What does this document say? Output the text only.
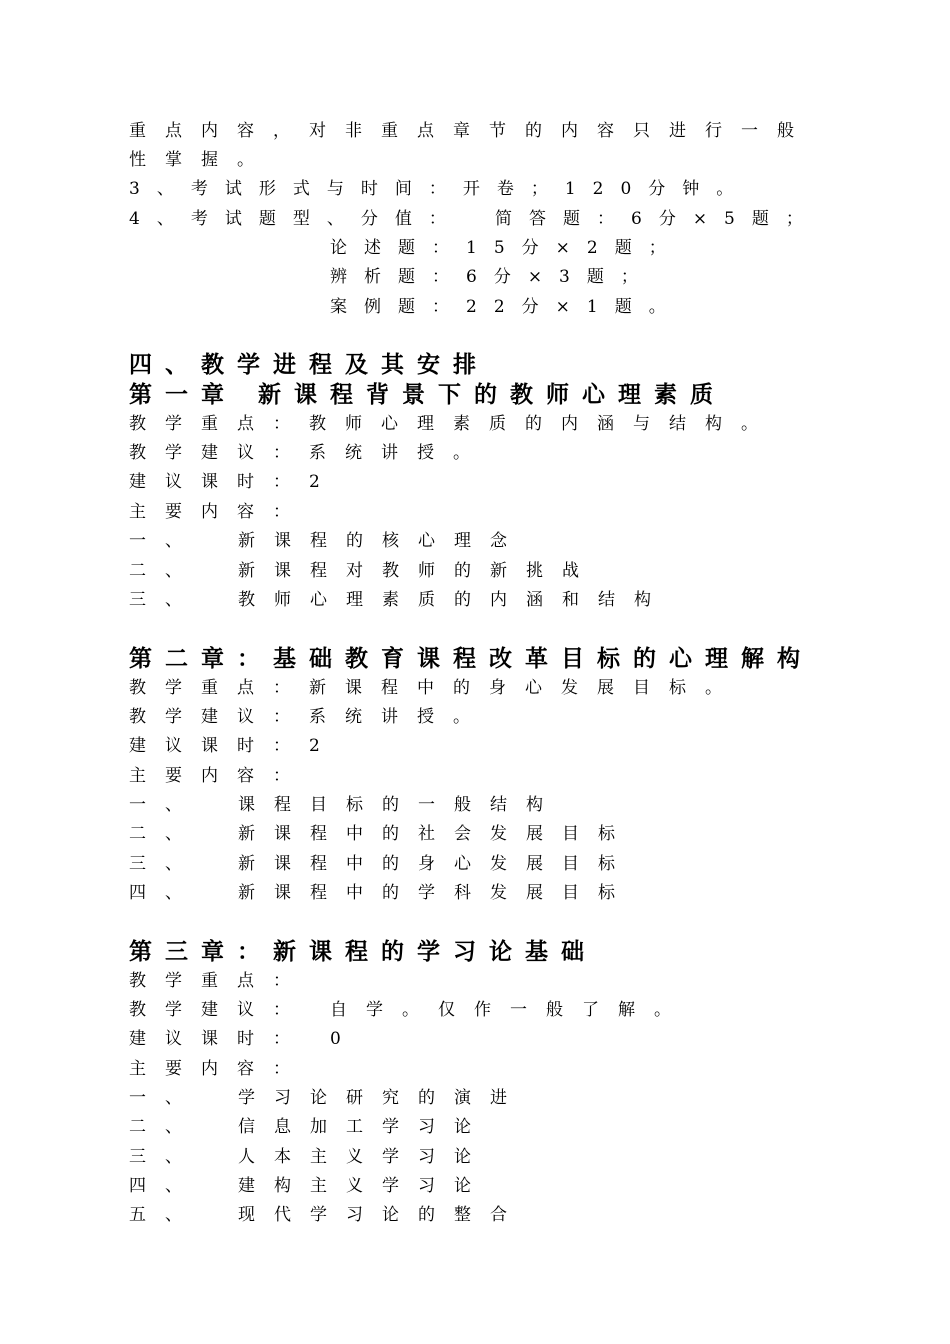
重点内容，对非重点章节的内容只进行一般
性掌握。
3、考试形式与时间：开卷；120分钟。
4、考试题型、分值： 简答题：6分×5题；
论述题：15分×2题；
辨析题：6分×3题；
案例题：22分×1题。
四、教学进程及其安排
第一章 新课程背景下的教师心理素质
教学重点：教师心理素质的内涵与结构。
教学建议：系统讲授。
建议课时：2
主要内容：
一、 新课程的核心理念
二、 新课程对教师的新挑战
三、 教师心理素质的内涵和结构
第二章：基础教育课程改革目标的心理解构
教学重点：新课程中的身心发展目标。
教学建议：系统讲授。
建议课时：2
主要内容：
一、 课程目标的一般结构
二、 新课程中的社会发展目标
三、 新课程中的身心发展目标
四、 新课程中的学科发展目标
第三章：新课程的学习论基础
教学重点：
教学建议： 自学。仅作一般了解。
建议课时： 0
主要内容：
一、 学习论研究的演进
二、 信息加工学习论
三、 人本主义学习论
四、 建构主义学习论
五、 现代学习论的整合
